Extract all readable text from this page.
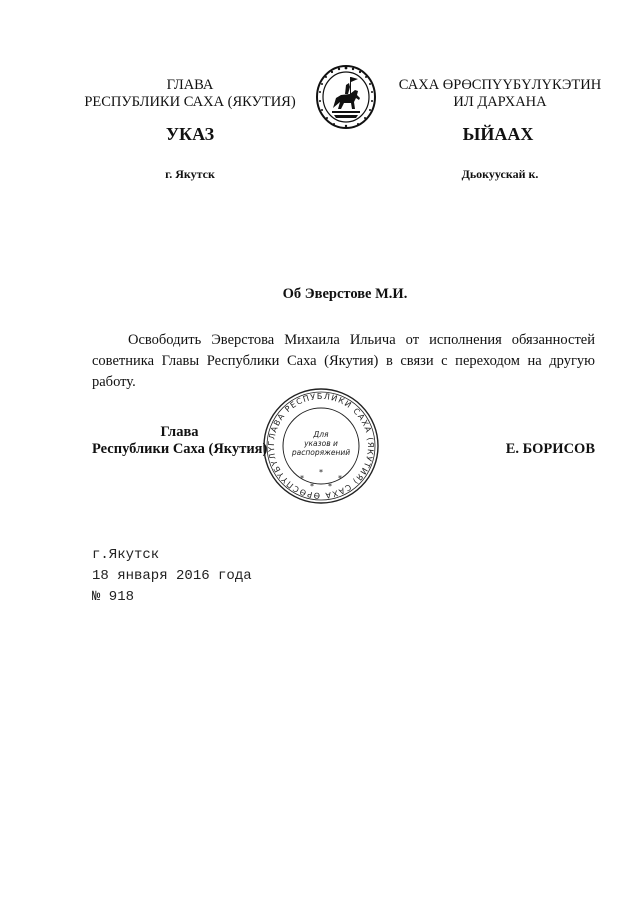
ГЛАВА
РЕСПУБЛИКИ САХА (ЯКУТИЯ)
САХА ӨРӨСПҮҮБҮЛҮКЭТИН
ИЛ ДАРХАНА
УКАЗ	ЫЙААХ
г. Якутск	Дьокуускай к.
Об Эверстове М.И.
Освободить Эверстова Михаила Ильича от исполнения обязанностей советника Главы Республики Саха (Якутия) в связи с переходом на другую работу.
ГЛАВА РЕСПУБЛИКИ САХА (ЯКУТИЯ) САХА ӨРӨСПҮҮБҮЛҮ
Для
указов и
распоряжений
*
*
*
* *
Глава
Республики Саха (Якутия)	Е. БОРИСОВ
г.Якутск
18 января 2016 года
№ 918
